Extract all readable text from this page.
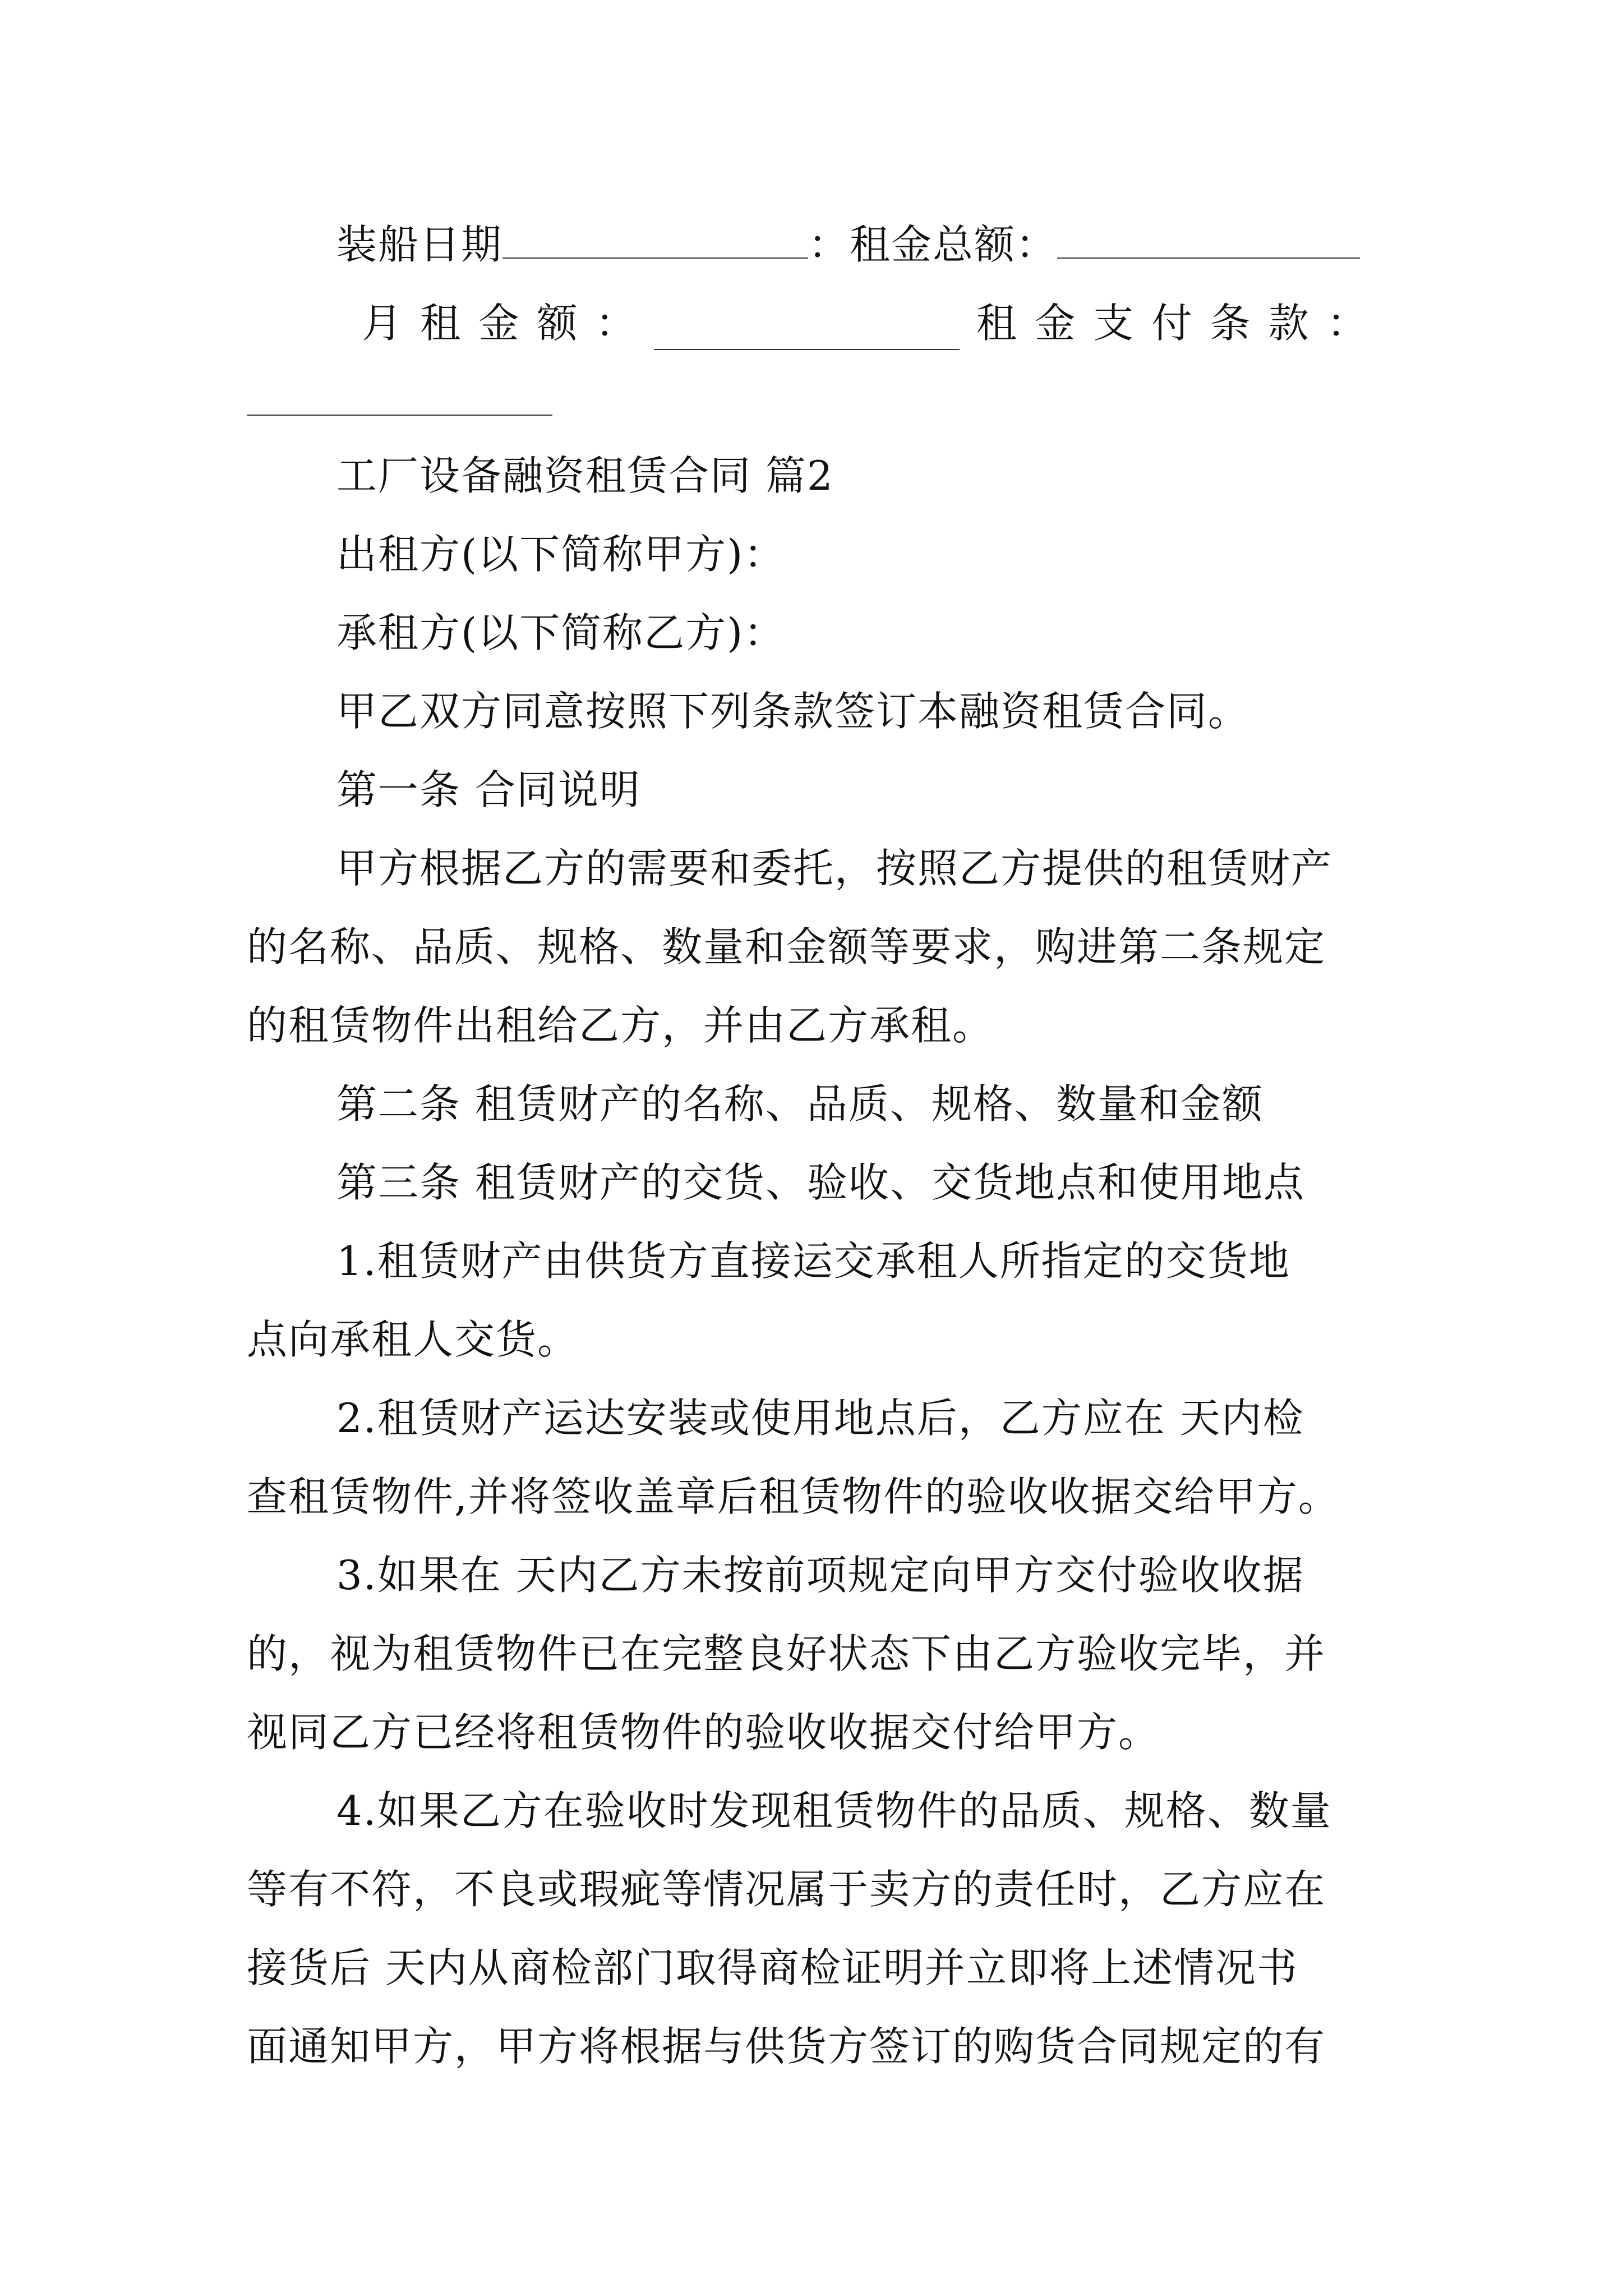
装船日期	：租金总额：
月 租 金 额 ：	租 金 支 付 条 款 ：
工厂设备融资租赁合同 篇2
出租方(以下简称甲方)：
承租方(以下简称乙方)：
甲乙双方同意按照下列条款签订本融资租赁合同。
第一条 合同说明
甲方根据乙方的需要和委托，按照乙方提供的租赁财产
的名称、品质、规格、数量和金额等要求，购进第二条规定
的租赁物件出租给乙方，并由乙方承租。
第二条 租赁财产的名称、品质、规格、数量和金额
第三条 租赁财产的交货、验收、交货地点和使用地点
1.租赁财产由供货方直接运交承租人所指定的交货地
点向承租人交货。
2.租赁财产运达安装或使用地点后，乙方应在 天内检
查租赁物件,并将签收盖章后租赁物件的验收收据交给甲方。
3.如果在 天内乙方未按前项规定向甲方交付验收收据
的，视为租赁物件已在完整良好状态下由乙方验收完毕，并
视同乙方已经将租赁物件的验收收据交付给甲方。
4.如果乙方在验收时发现租赁物件的品质、规格、数量
等有不符，不良或瑕疵等情况属于卖方的责任时，乙方应在
接货后 天内从商检部门取得商检证明并立即将上述情况书
面通知甲方，甲方将根据与供货方签订的购货合同规定的有
